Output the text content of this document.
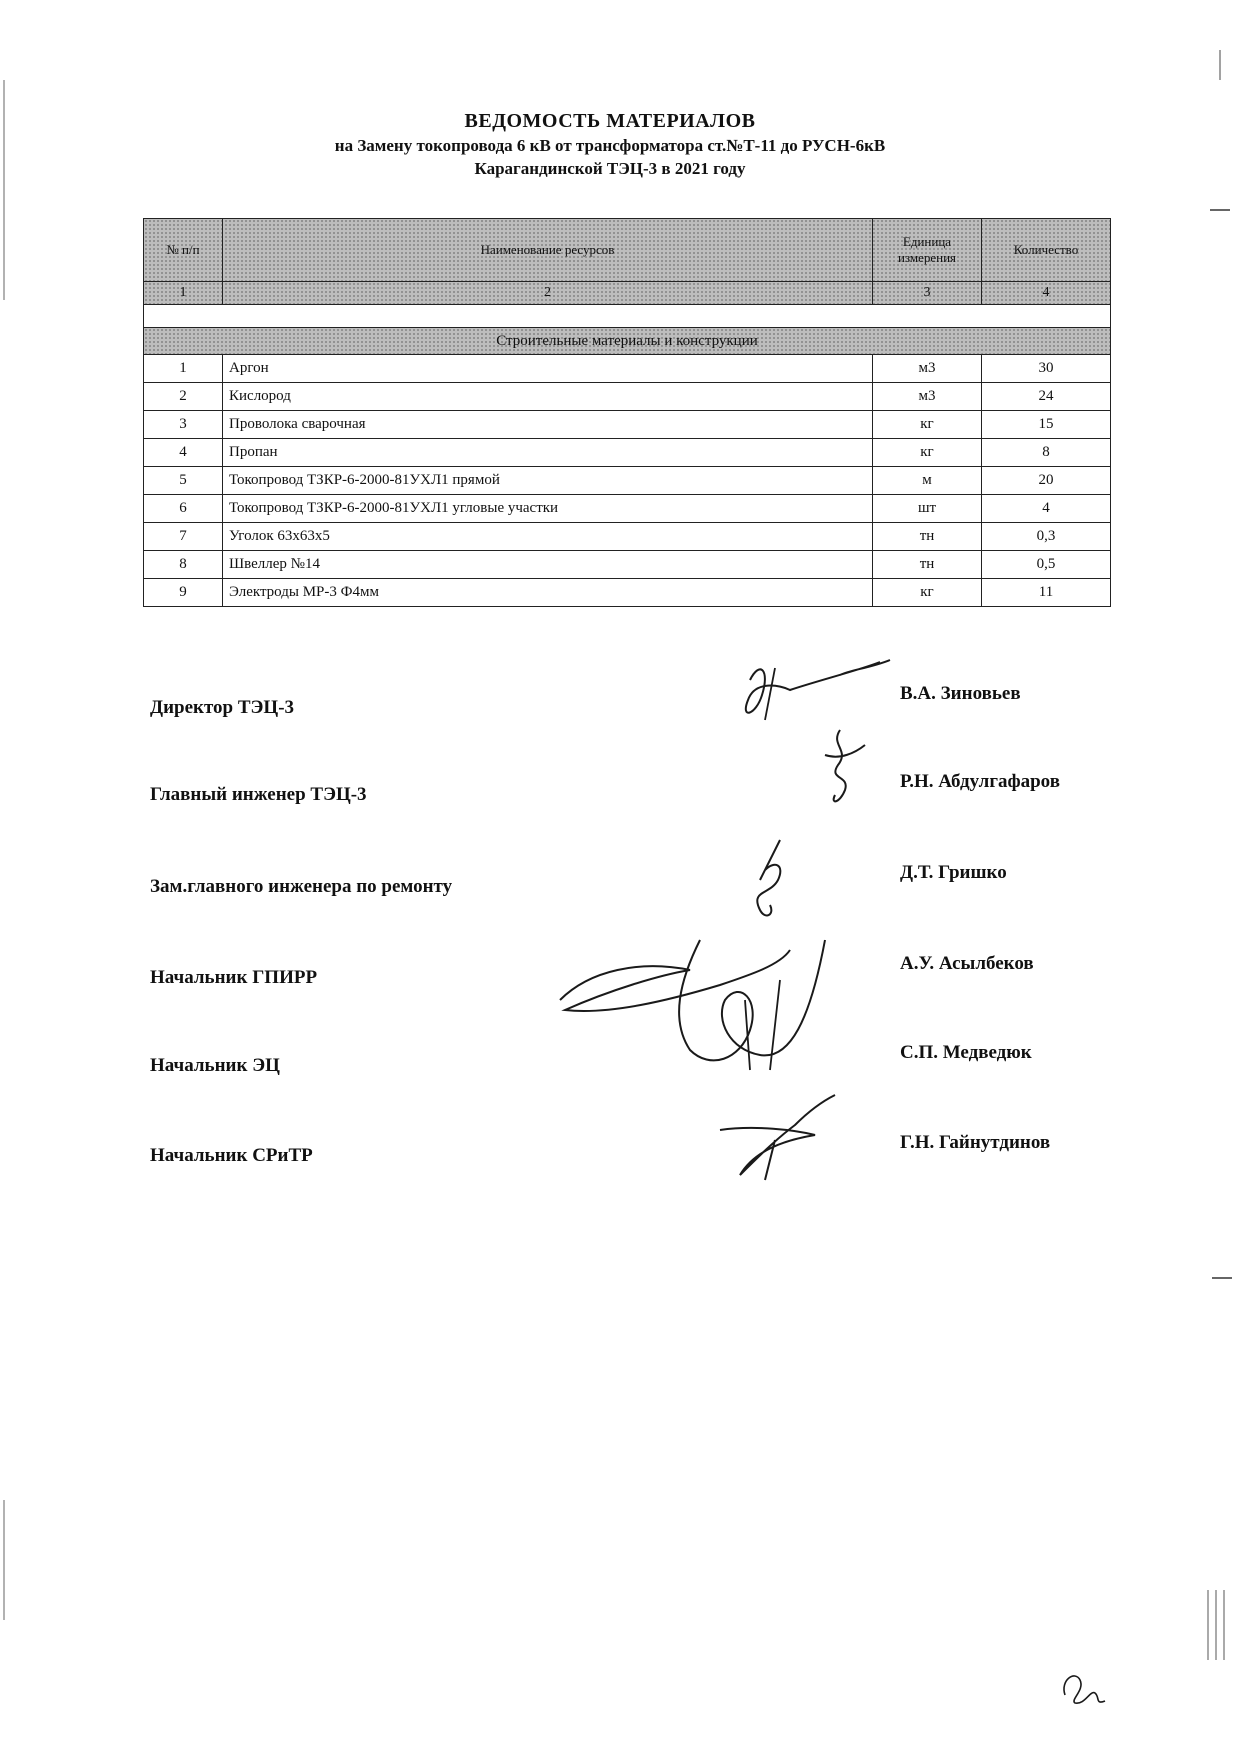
ВЕДОМОСТЬ МАТЕРИАЛОВ
на Замену токопровода 6 кВ от трансформатора ст.№Т-11 до РУСН-6кВ
Карагандинской ТЭЦ-3 в 2021 году
№ п/п	Наименование ресурсов	Единица измерения	Количество
1	2	3	4

Строительные материалы и конструкции			
1	Аргон	м3	30
2	Кислород	м3	24
3	Проволока сварочная	кг	15
4	Пропан	кг	8
5	Токопровод ТЗКР-6-2000-81УХЛ1 прямой	м	20
6	Токопровод ТЗКР-6-2000-81УХЛ1 угловые участки	шт	4
7	Уголок 63х63х5	тн	0,3
8	Швеллер №14	тн	0,5
9	Электроды МР-3 Ф4мм	кг	11
Директор ТЭЦ-3
В.А. Зиновьев
Главный инженер ТЭЦ-3
Р.Н. Абдулгафаров
Зам.главного инженера по ремонту
Д.Т. Гришко
Начальник ГПИРР
А.У. Асылбеков
Начальник ЭЦ
С.П. Медведюк
Начальник СРиТР
Г.Н. Гайнутдинов
